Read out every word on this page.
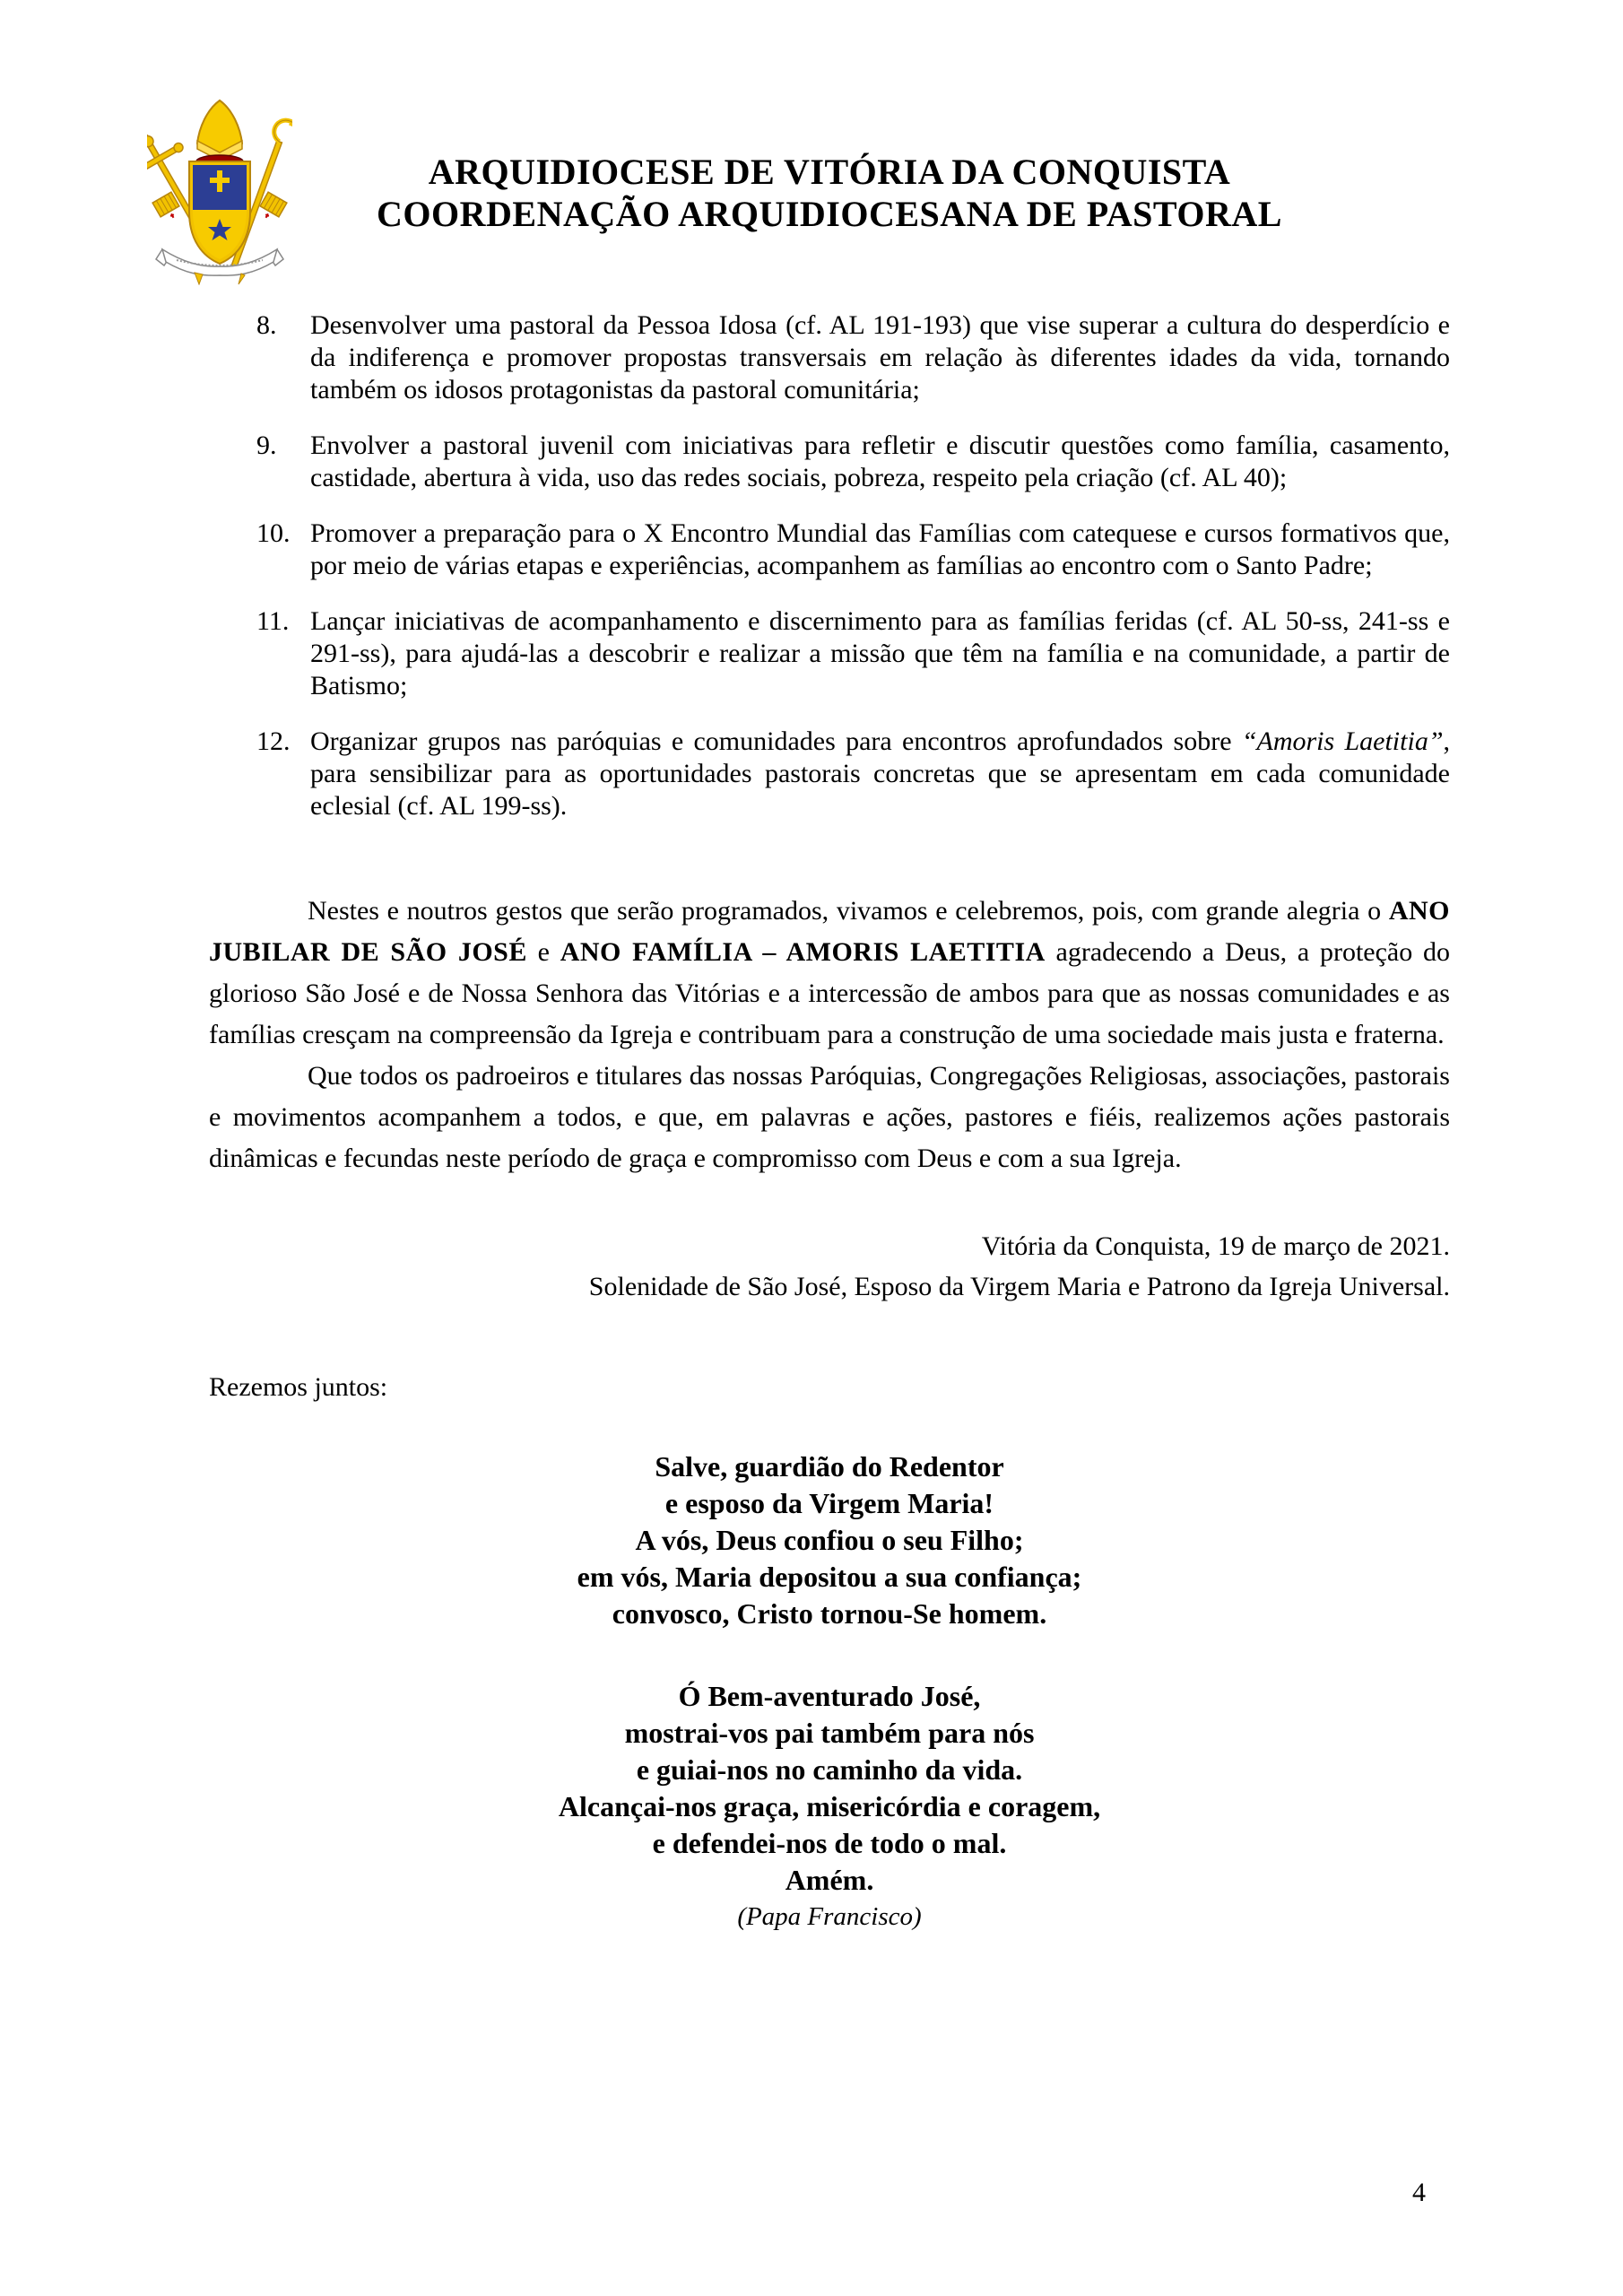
ARQUIDIOCESE DE VITÓRIA DA CONQUISTA
COORDENAÇÃO ARQUIDIOCESANA DE PASTORAL
8. Desenvolver uma pastoral da Pessoa Idosa (cf. AL 191-193) que vise superar a cultura do desperdício e da indiferença e promover propostas transversais em relação às diferentes idades da vida, tornando também os idosos protagonistas da pastoral comunitária;
9. Envolver a pastoral juvenil com iniciativas para refletir e discutir questões como família, casamento, castidade, abertura à vida, uso das redes sociais, pobreza, respeito pela criação (cf. AL 40);
10. Promover a preparação para o X Encontro Mundial das Famílias com catequese e cursos formativos que, por meio de várias etapas e experiências, acompanhem as famílias ao encontro com o Santo Padre;
11. Lançar iniciativas de acompanhamento e discernimento para as famílias feridas (cf. AL 50-ss, 241-ss e 291-ss), para ajudá-las a descobrir e realizar a missão que têm na família e na comunidade, a partir de Batismo;
12. Organizar grupos nas paróquias e comunidades para encontros aprofundados sobre “Amoris Laetitia”, para sensibilizar para as oportunidades pastorais concretas que se apresentam em cada comunidade eclesial (cf. AL 199-ss).

Nestes e noutros gestos que serão programados, vivamos e celebremos, pois, com grande alegria o ANO JUBILAR DE SÃO JOSÉ e ANO FAMÍLIA – AMORIS LAETITIA agradecendo a Deus, a proteção do glorioso São José e de Nossa Senhora das Vitórias e a intercessão de ambos para que as nossas comunidades e as famílias cresçam na compreensão da Igreja e contribuam para a construção de uma sociedade mais justa e fraterna.

Que todos os padroeiros e titulares das nossas Paróquias, Congregações Religiosas, associações, pastorais e movimentos acompanhem a todos, e que, em palavras e ações, pastores e fiéis, realizemos ações pastorais dinâmicas e fecundas neste período de graça e compromisso com Deus e com a sua Igreja.

Vitória da Conquista, 19 de março de 2021.
Solenidade de São José, Esposo da Virgem Maria e Patrono da Igreja Universal.
Rezemos juntos:
Salve, guardião do Redentor
e esposo da Virgem Maria!
A vós, Deus confiou o seu Filho;
em vós, Maria depositou a sua confiança;
convosco, Cristo tornou-Se homem.
Ó Bem-aventurado José,
mostrai-vos pai também para nós
e guiai-nos no caminho da vida.
Alcançai-nos graça, misericórdia e coragem,
e defendei-nos de todo o mal.
Amém.
(Papa Francisco)
4
